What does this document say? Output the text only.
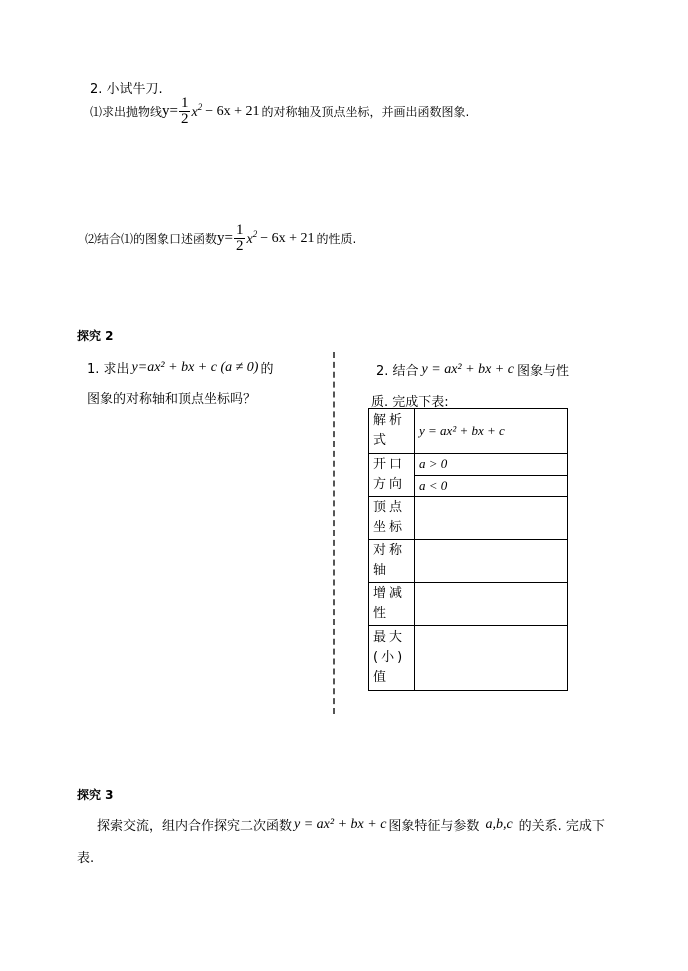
2. 小试牛刀.
⑴求出抛物线 $y= \frac{1}{2} x^2 - 6x + 21$ 的对称轴及顶点坐标，并画出函数图象.
⑵结合⑴的图象口述函数 $y= \frac{1}{2} x^2 - 6x + 21$ 的性质.
探究 2
1. 求出 y=ax² + bx + c (a ≠ 0) 的
图象的对称轴和顶点坐标吗？
2. 结合 y = ax² + bx + c 图象与性
质. 完成下表:
解析式	y = ax² + bx + c
开口方向	a > 0
	a < 0
顶点坐标	
对称轴	
增减性	
最大(小)值	
探究 3
探索交流，组内合作探究二次函数 y = ax² + bx + c 图象特征与参数 a,b,c 的关系. 完成下
表.
